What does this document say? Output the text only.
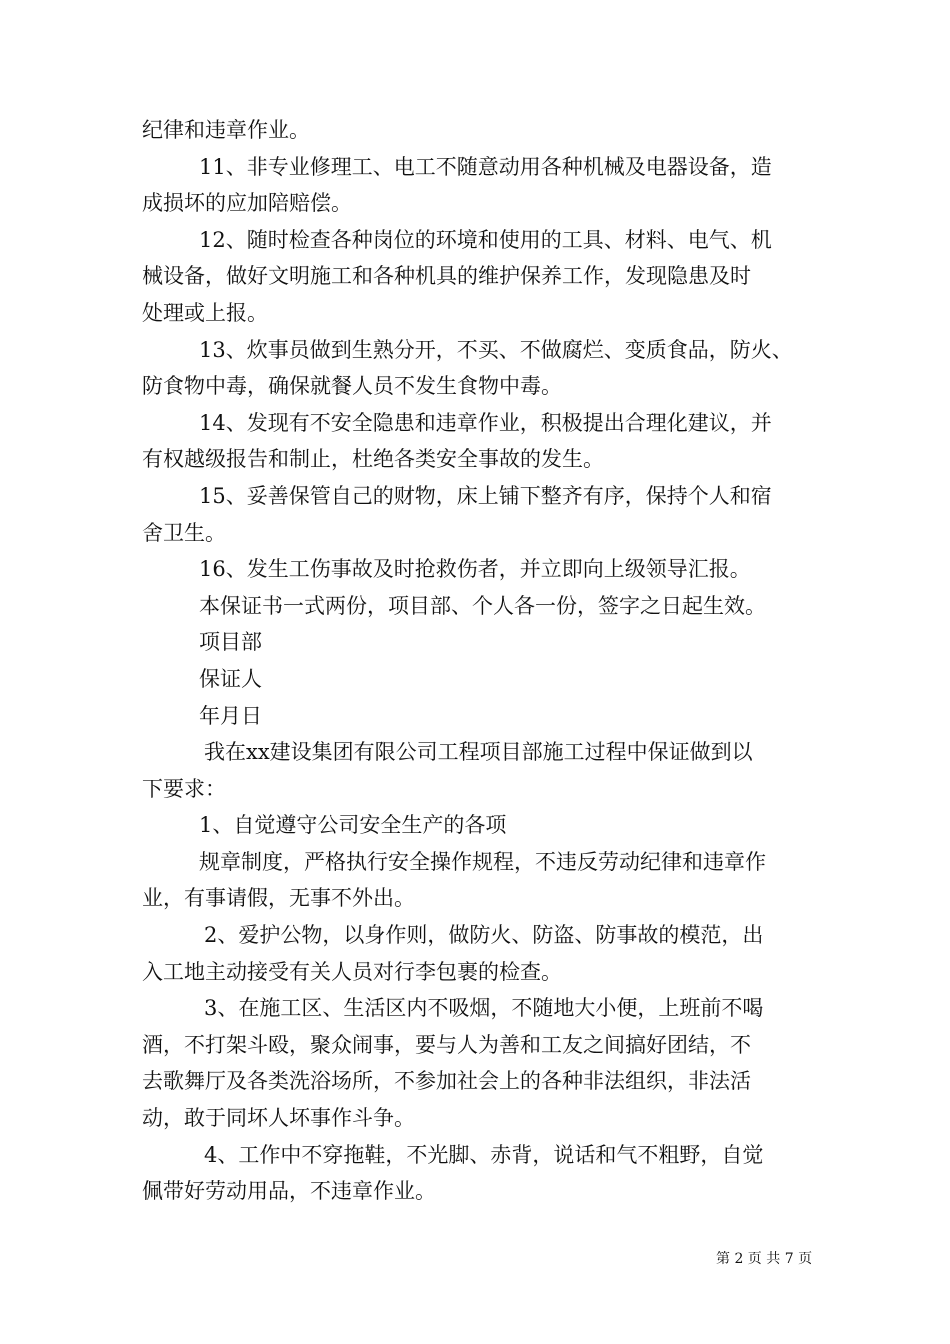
纪律和违章作业。

11、非专业修理工、电工不随意动用各种机械及电器设备，造

成损坏的应加陪赔偿。

12、随时检查各种岗位的环境和使用的工具、材料、电气、机

械设备，做好文明施工和各种机具的维护保养工作，发现隐患及时

处理或上报。

13、炊事员做到生熟分开，不买、不做腐烂、变质食品，防火、

防食物中毒，确保就餐人员不发生食物中毒。

14、发现有不安全隐患和违章作业，积极提出合理化建议，并

有权越级报告和制止，杜绝各类安全事故的发生。

15、妥善保管自己的财物，床上铺下整齐有序，保持个人和宿

舍卫生。

16、发生工伤事故及时抢救伤者，并立即向上级领导汇报。

本保证书一式两份，项目部、个人各一份，签字之日起生效。

项目部

保证人

年月日

我在xx建设集团有限公司工程项目部施工过程中保证做到以

下要求：

1、自觉遵守公司安全生产的各项

规章制度，严格执行安全操作规程，不违反劳动纪律和违章作

业，有事请假，无事不外出。

2、爱护公物，以身作则，做防火、防盗、防事故的模范，出

入工地主动接受有关人员对行李包裹的检查。

3、在施工区、生活区内不吸烟，不随地大小便，上班前不喝

酒，不打架斗殴，聚众闹事，要与人为善和工友之间搞好团结，不

去歌舞厅及各类洗浴场所，不参加社会上的各种非法组织，非法活

动，敢于同坏人坏事作斗争。

4、工作中不穿拖鞋，不光脚、赤背，说话和气不粗野，自觉

佩带好劳动用品，不违章作业。

第 2 页 共 7 页
